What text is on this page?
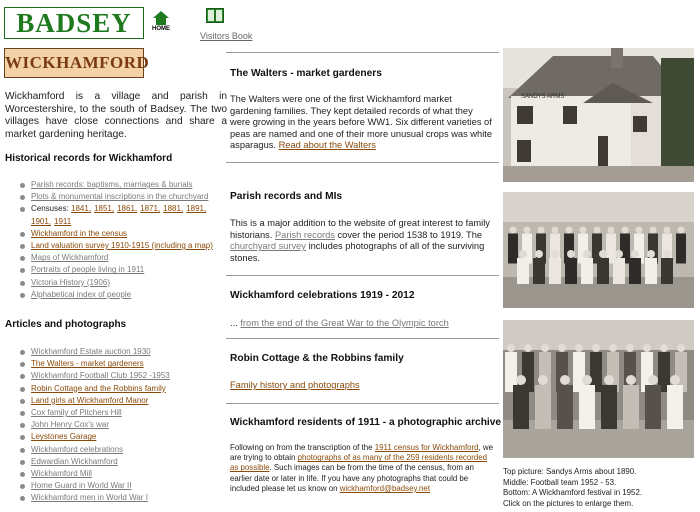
BADSEY	HOME
Visitors Book
WICKHAMFORD

Wickhamford is a village and parish in Worcestershire, to the south of Badsey. The two villages have close connections and share a market gardening heritage.

Historical records for Wickhamford
Parish records: baptisms, marriages & burials
Plots & monumental inscriptions in the churchyard
Censuses: 1841, 1851, 1861, 1871, 1881, 1891,
1901, 1911
Wickhamford in the census
Land valuation survey 1910-1915 (including a map)
Maps of Wickhamford
Portraits of people living in 1911
Victoria History (1906)
Alphabetical index of people
Articles and photographs
Wickhamford Estate auction 1930
The Walters - market gardeners
Wickhamford Football Club 1952 -1953
Robin Cottage and the Robbins family
Land girls at Wickhamford Manor
Cox family of Pitchers Hill
John Henry Cox's war
Leystones Garage
Wickhamford celebrations
Edwardian Wickhamford
Wickhamford Mill
Home Guard in World War II
Wickhamford men in World War I
The Walters - market gardeners

The Walters were one of the first Wickhamford market gardening families. They kept detailed records of what they were growing in the years before WW1. Six different varieties of peas are named and one of their more unusual crops was white asparagus. Read about the Walters

Parish records and MIs

This is a major addition to the website of great interest to family historians. Parish records cover the period 1538 to 1919. The churchyard survey includes photographs of all of the surviving stones.

Wickhamford celebrations 1919 - 2012

... from the end of the Great War to the Olympic torch

Robin Cottage & the Robbins family

Family history and photographs

Wickhamford residents of 1911 - a photographic archive

Following on from the transcription of the 1911 census for Wickhamford, we are trying to obtain photographs of as many of the 259 residents recorded as possible. Such images can be from the time of the census, from an earlier date or later in life. If you have any photographs that could be included please let us know on wickhamford@badsey.net

SANDYS ARMS
Top picture: Sandys Arms about 1890.
Middle: Football team 1952 - 53.
Bottom: A Wickhamford festival in 1952.
Click on the pictures to enlarge them.
